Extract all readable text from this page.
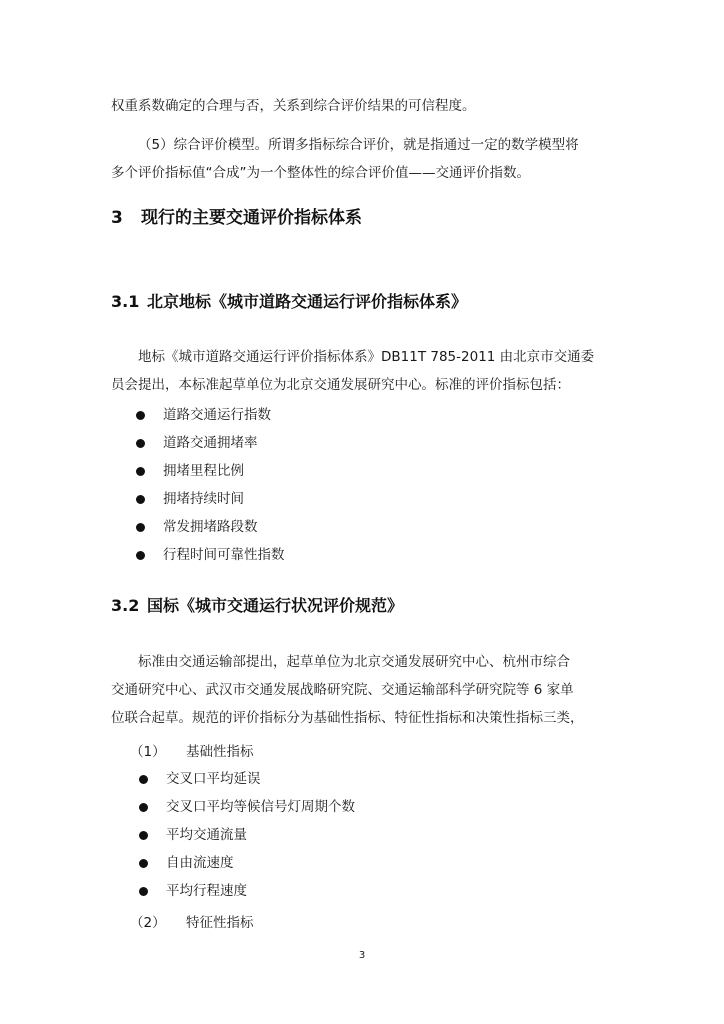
权重系数确定的合理与否，关系到综合评价结果的可信程度。
（5）综合评价模型。所谓多指标综合评价，就是指通过一定的数学模型将
多个评价指标值“合成”为一个整体性的综合评价值——交通评价指数。
3 现行的主要交通评价指标体系
3.1 北京地标《城市道路交通运行评价指标体系》
地标《城市道路交通运行评价指标体系》DB11T 785-2011 由北京市交通委
员会提出，本标准起草单位为北京交通发展研究中心。标准的评价指标包括：
道路交通运行指数
道路交通拥堵率
拥堵里程比例
拥堵持续时间
常发拥堵路段数
行程时间可靠性指数
3.2 国标《城市交通运行状况评价规范》
标准由交通运输部提出，起草单位为北京交通发展研究中心、杭州市综合
交通研究中心、武汉市交通发展战略研究院、交通运输部科学研究院等 6 家单
位联合起草。规范的评价指标分为基础性指标、特征性指标和决策性指标三类，
（1） 基础性指标
交叉口平均延误
交叉口平均等候信号灯周期个数
平均交通流量
自由流速度
平均行程速度
（2） 特征性指标
3
